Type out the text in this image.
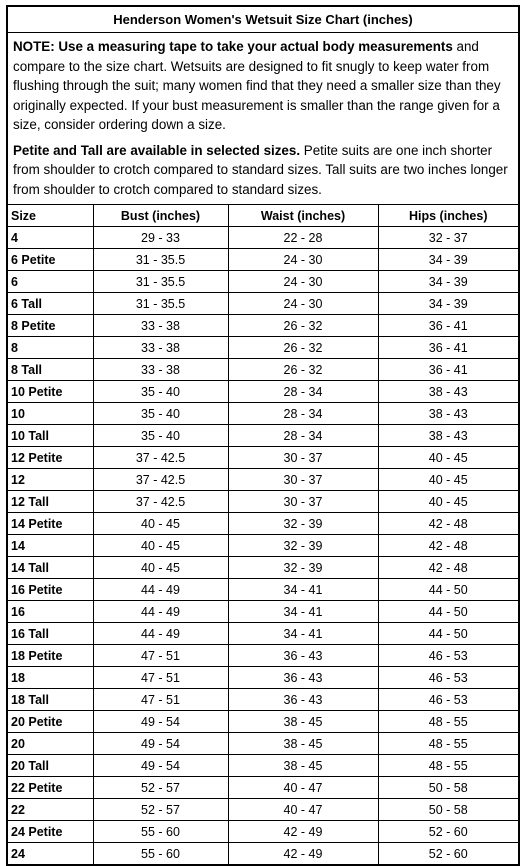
Henderson Women's Wetsuit Size Chart (inches)

NOTE: Use a measuring tape to take your actual body measurements and compare to the size chart. Wetsuits are designed to fit snugly to keep water from flushing through the suit; many women find that they need a smaller size than they originally expected. If your bust measurement is smaller than the range given for a size, consider ordering down a size.

Petite and Tall are available in selected sizes. Petite suits are one inch shorter from shoulder to crotch compared to standard sizes. Tall suits are two inches longer from shoulder to crotch compared to standard sizes.

Size	Bust (inches)	Waist (inches)	Hips (inches)
4	29 - 33	22 - 28	32 - 37
6 Petite	31 - 35.5	24 - 30	34 - 39
6	31 - 35.5	24 - 30	34 - 39
6 Tall	31 - 35.5	24 - 30	34 - 39
8 Petite	33 - 38	26 - 32	36 - 41
8	33 - 38	26 - 32	36 - 41
8 Tall	33 - 38	26 - 32	36 - 41
10 Petite	35 - 40	28 - 34	38 - 43
10	35 - 40	28 - 34	38 - 43
10 Tall	35 - 40	28 - 34	38 - 43
12 Petite	37 - 42.5	30 - 37	40 - 45
12	37 - 42.5	30 - 37	40 - 45
12 Tall	37 - 42.5	30 - 37	40 - 45
14 Petite	40 - 45	32 - 39	42 - 48
14	40 - 45	32 - 39	42 - 48
14 Tall	40 - 45	32 - 39	42 - 48
16 Petite	44 - 49	34 - 41	44 - 50
16	44 - 49	34 - 41	44 - 50
16 Tall	44 - 49	34 - 41	44 - 50
18 Petite	47 - 51	36 - 43	46 - 53
18	47 - 51	36 - 43	46 - 53
18 Tall	47 - 51	36 - 43	46 - 53
20 Petite	49 - 54	38 - 45	48 - 55
20	49 - 54	38 - 45	48 - 55
20 Tall	49 - 54	38 - 45	48 - 55
22 Petite	52 - 57	40 - 47	50 - 58
22	52 - 57	40 - 47	50 - 58
24 Petite	55 - 60	42 - 49	52 - 60
24	55 - 60	42 - 49	52 - 60
